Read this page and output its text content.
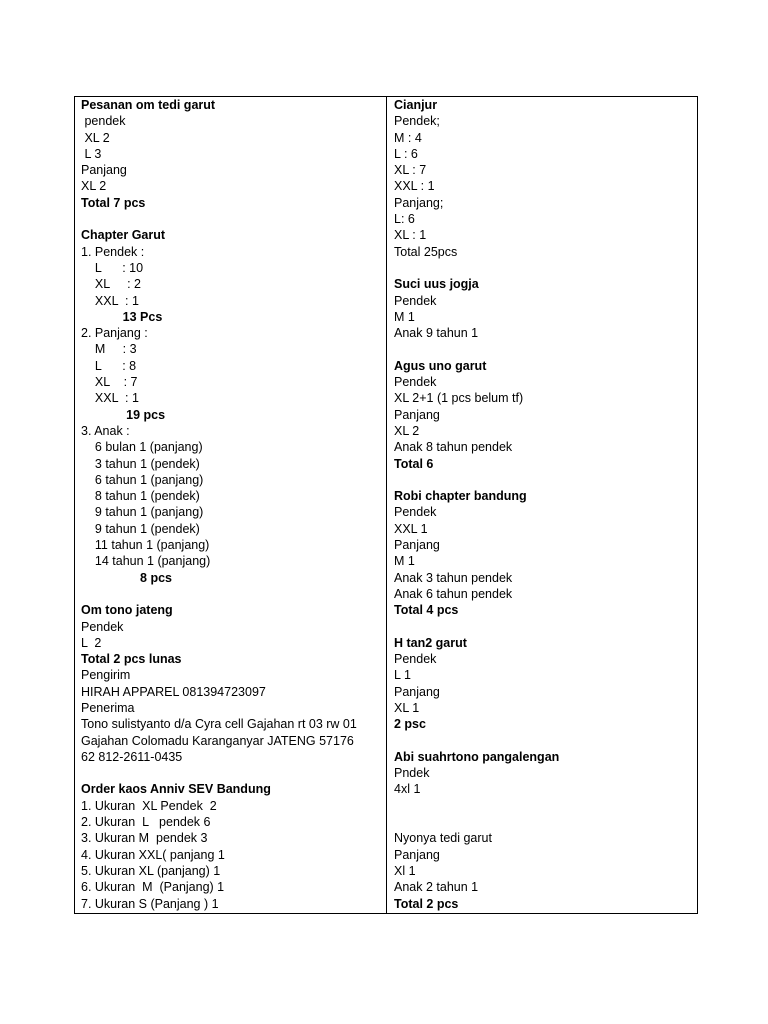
Pesanan om tedi garut
pendek
XL 2
L 3
Panjang
XL 2
Total 7 pcs
Chapter Garut
1. Pendek :
L      : 10
XL     : 2
XXL  : 1
13 Pcs
2. Panjang :
M     : 3
L      : 8
XL    : 7
XXL  : 1
19 pcs
3. Anak :
6 bulan 1 (panjang)
3 tahun 1 (pendek)
6 tahun 1 (panjang)
8 tahun 1 (pendek)
9 tahun 1 (panjang)
9 tahun 1 (pendek)
11 tahun 1 (panjang)
14 tahun 1 (panjang)
8 pcs
Om tono jateng
Pendek
L  2
Total 2 pcs lunas
Pengirim
HIRAH APPAREL 081394723097
Penerima
Tono sulistyanto d/a Cyra cell Gajahan rt 03 rw 01
Gajahan Colomadu Karanganyar JATENG 57176
62 812-2611-0435
Order kaos Anniv SEV Bandung
1. Ukuran  XL Pendek  2
2. Ukuran  L   pendek 6
3. Ukuran M  pendek 3
4. Ukuran XXL( panjang 1
5. Ukuran XL (panjang) 1
6. Ukuran  M  (Panjang) 1
7. Ukuran S (Panjang ) 1
Cianjur
Pendek;
M : 4
L : 6
XL : 7
XXL : 1
Panjang;
L: 6
XL : 1
Total 25pcs
Suci uus jogja
Pendek
M 1
Anak 9 tahun 1
Agus uno garut
Pendek
XL 2+1 (1 pcs belum tf)
Panjang
XL 2
Anak 8 tahun pendek
Total 6
Robi chapter bandung
Pendek
XXL 1
Panjang
M 1
Anak 3 tahun pendek
Anak 6 tahun pendek
Total 4 pcs
H tan2 garut
Pendek
L 1
Panjang
XL 1
2 psc
Abi suahrtono pangalengan
Pndek
4xl 1
Nyonya tedi garut
Panjang
Xl 1
Anak 2 tahun 1
Total 2 pcs
